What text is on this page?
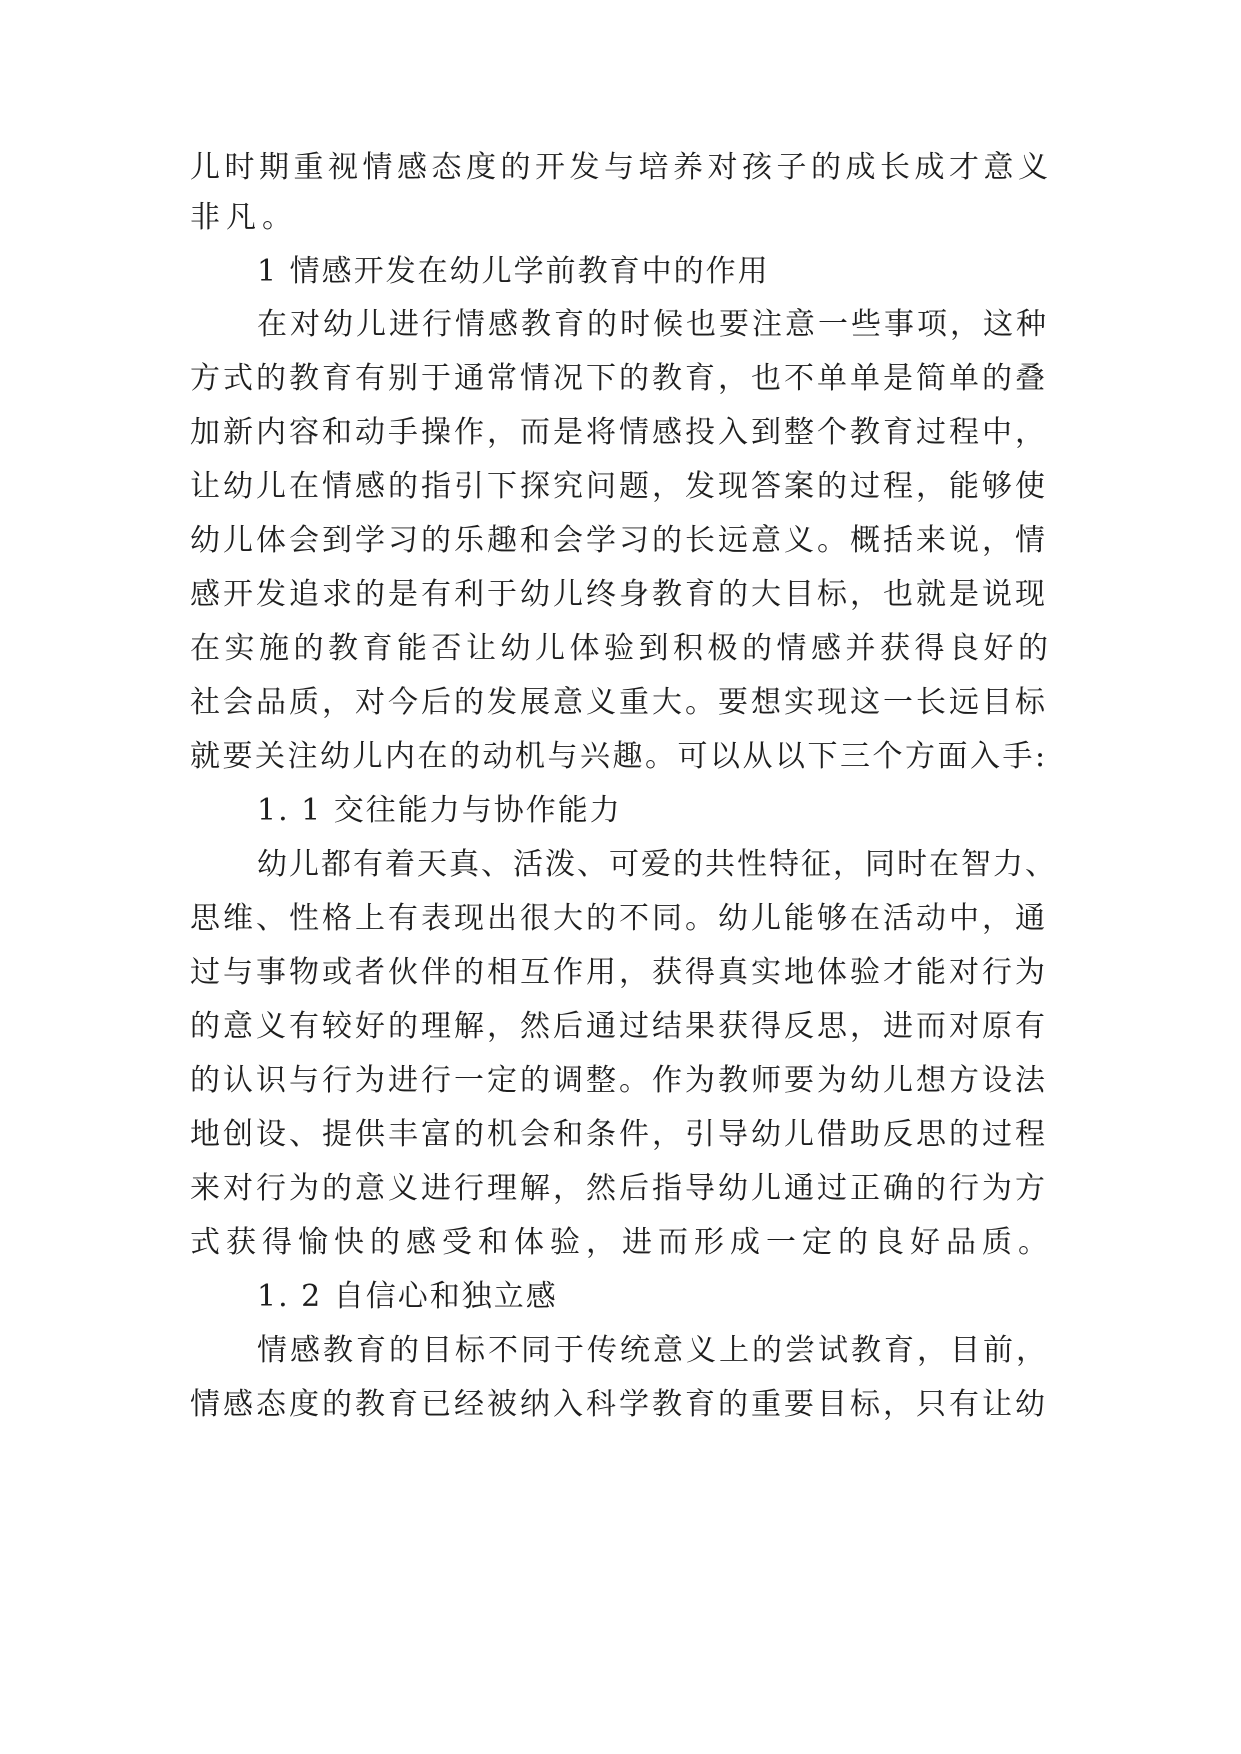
儿时期重视情感态度的开发与培养对孩子的成长成才意义

非凡。

1 情感开发在幼儿学前教育中的作用

在对幼儿进行情感教育的时候也要注意一些事项，这种

方式的教育有别于通常情况下的教育，也不单单是简单的叠

加新内容和动手操作，而是将情感投入到整个教育过程中，

让幼儿在情感的指引下探究问题，发现答案的过程，能够使

幼儿体会到学习的乐趣和会学习的长远意义。概括来说，情

感开发追求的是有利于幼儿终身教育的大目标，也就是说现

在实施的教育能否让幼儿体验到积极的情感并获得良好的

社会品质，对今后的发展意义重大。要想实现这一长远目标

就要关注幼儿内在的动机与兴趣。可以从以下三个方面入手:

1. 1 交往能力与协作能力

幼儿都有着天真、活泼、可爱的共性特征，同时在智力、

思维、性格上有表现出很大的不同。幼儿能够在活动中，通

过与事物或者伙伴的相互作用，获得真实地体验才能对行为

的意义有较好的理解，然后通过结果获得反思，进而对原有

的认识与行为进行一定的调整。作为教师要为幼儿想方设法

地创设、提供丰富的机会和条件，引导幼儿借助反思的过程

来对行为的意义进行理解，然后指导幼儿通过正确的行为方

式获得愉快的感受和体验，进而形成一定的良好品质。

1. 2 自信心和独立感

情感教育的目标不同于传统意义上的尝试教育，目前，

情感态度的教育已经被纳入科学教育的重要目标，只有让幼
